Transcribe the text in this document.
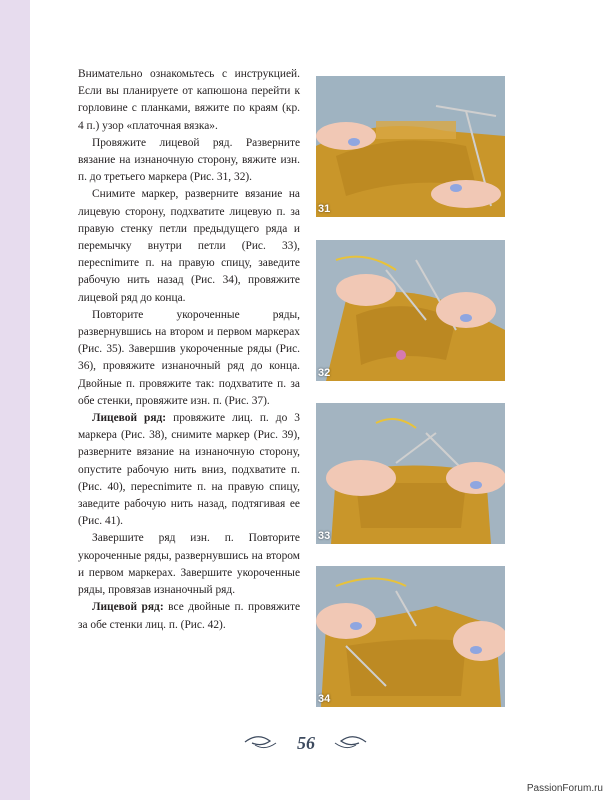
Внимательно ознакомьтесь с инструкцией. Если вы планируете от капюшона перейти к горловине с планками, вяжите по краям (кр. 4 п.) узор «платочная вязка».

Провяжите лицевой ряд. Разверните вязание на изнаночную сторону, вяжите изн. п. до третьего маркера (Рис. 31, 32).

Снимите маркер, разверните вязание на лицевую сторону, подхватите лицевую п. за правую стенку петли предыдущего ряда и перемычку внутри петли (Рис. 33), пересnimите п. на правую спицу, заведите рабочую нить назад (Рис. 34), провяжите лицевой ряд до конца.

Повторите укороченные ряды, развернувшись на втором и первом маркерах (Рис. 35). Завершив укороченные ряды (Рис. 36), провяжите изнаночный ряд до конца. Двойные п. провяжите так: подхватите п. за обе стенки, провяжите изн. п. (Рис. 37).

Лицевой ряд: провяжите лиц. п. до 3 маркера (Рис. 38), снимите маркер (Рис. 39), разверните вязание на изнаночную сторону, опустите рабочую нить вниз, подхватите п. (Рис. 40), пересnimите п. на правую спицу, заведите рабочую нить назад, подтягивая ее (Рис. 41).

Завершите ряд изн. п. Повторите укороченные ряды, развернувшись на втором и первом маркерах. Завершите укороченные ряды, провязав изнаночный ряд.

Лицевой ряд: все двойные п. провяжите за обе стенки лиц. п. (Рис. 42).

31
32
33
34
56
PassionForum.ru
